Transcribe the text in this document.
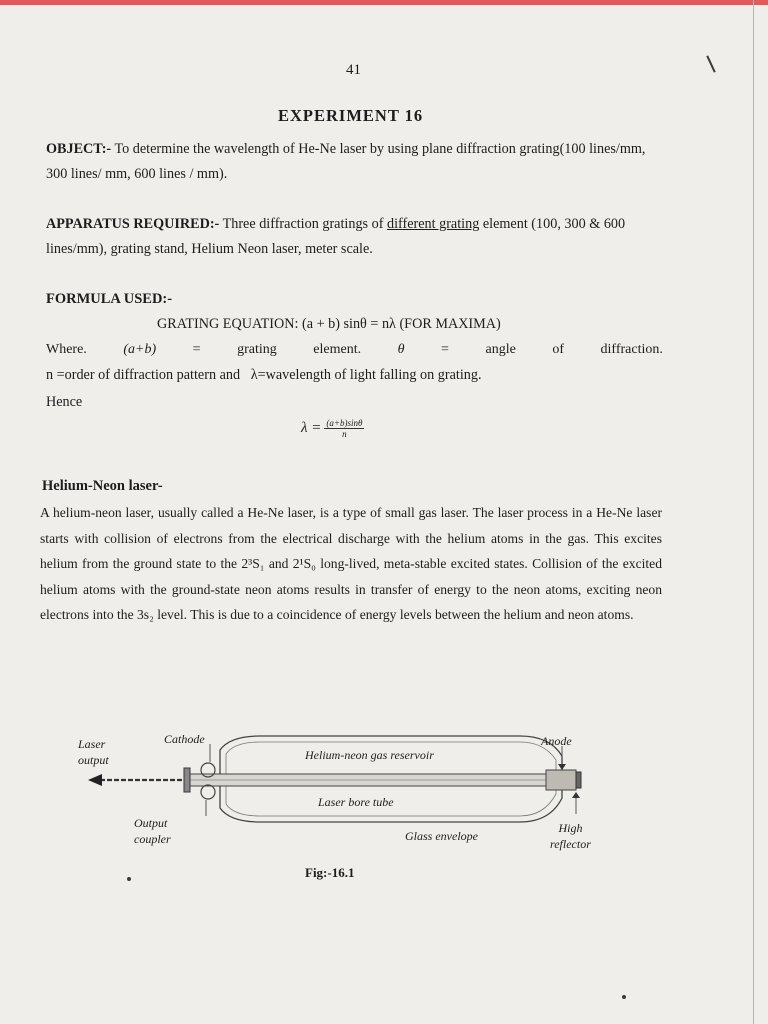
41
EXPERIMENT 16
OBJECT:- To determine the wavelength of He-Ne laser by using plane diffraction grating(100 lines/mm, 300 lines/ mm, 600 lines / mm).
APPARATUS REQUIRED:- Three diffraction gratings of different grating element (100, 300 & 600 lines/mm), grating stand, Helium Neon laser, meter scale.
FORMULA USED:-
GRATING EQUATION: (a + b) sinθ = nλ (FOR MAXIMA)
Where.	(a+b)	=	grating	element.	θ	=	angle	of	diffraction.
n =order of diffraction pattern and   λ=wavelength of light falling on grating.
Hence
$\lambda = \frac{(a+b)\sin\theta}{n}$
Helium-Neon laser-
A helium-neon laser, usually called a He-Ne laser, is a type of small gas laser. The laser process in a He-Ne laser starts with collision of electrons from the electrical discharge with the helium atoms in the gas. This excites helium from the ground state to the 2³S₁ and 2¹S₀ long-lived, meta-stable excited states. Collision of the excited helium atoms with the ground-state neon atoms results in transfer of energy to the neon atoms, exciting neon electrons into the 3s₂ level. This is due to a coincidence of energy levels between the helium and neon atoms.
Laser
output
Cathode	Anode
Helium-neon gas reservoir
Laser bore tube
Output
coupler	Glass envelope
High
reflector
Fig:-16.1
